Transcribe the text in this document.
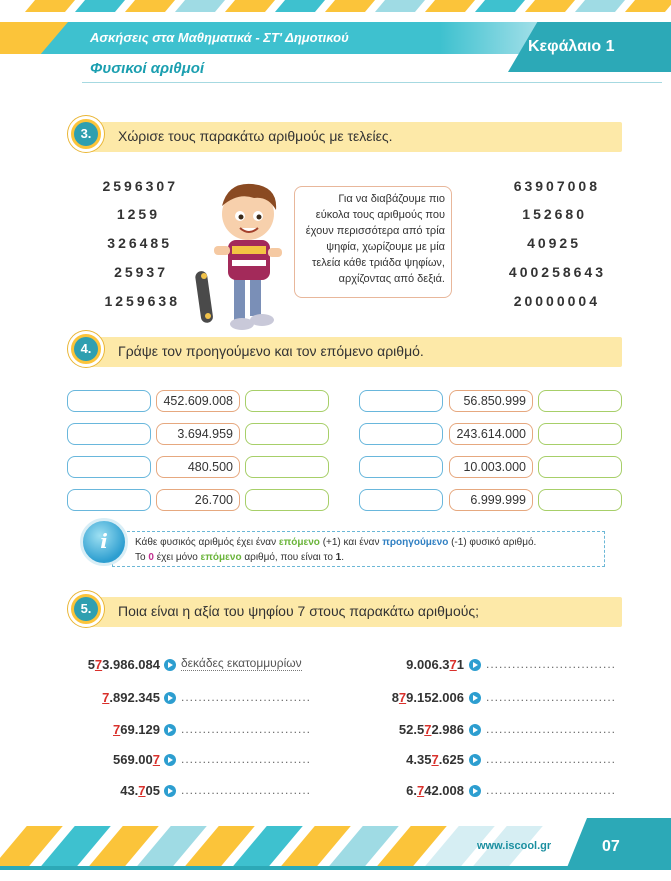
Ασκήσεις στα Μαθηματικά - ΣΤ' Δημοτικού
Κεφάλαιο 1
Φυσικοί αριθμοί
3.	Χώρισε τους παρακάτω αριθμούς με τελείες.
2596307
1259
326485
25937
1259638
63907008
152680
40925
400258643
20000004
Για να διαβάζουμε πιο
εύκολα τους αριθμούς που
έχουν περισσότερα από τρία
ψηφία, χωρίζουμε με μία
τελεία κάθε τριάδα ψηφίων,
αρχίζοντας από δεξιά.
4.	Γράψε τον προηγούμενο και τον επόμενο αριθμό.
452.609.008
3.694.959
480.500
26.700
56.850.999
243.614.000
10.003.000
6.999.999
Κάθε φυσικός αριθμός έχει έναν επόμενο (+1) και έναν προηγούμενο (-1) φυσικό αριθμό.
Το 0 έχει μόνο επόμενο αριθμό, που είναι το 1.
i
5.	Ποια είναι η αξία του ψηφίου 7 στους παρακάτω αριθμούς;
573.986.084 δεκάδες εκατομμυρίων
7.892.345 ..............................
769.129 ..............................
569.007 ..............................
43.705 ..............................
9.006.371 ..............................
879.152.006 ..............................
52.572.986 ..............................
4.357.625 ..............................
6.742.008 ..............................
www.iscool.gr	07
